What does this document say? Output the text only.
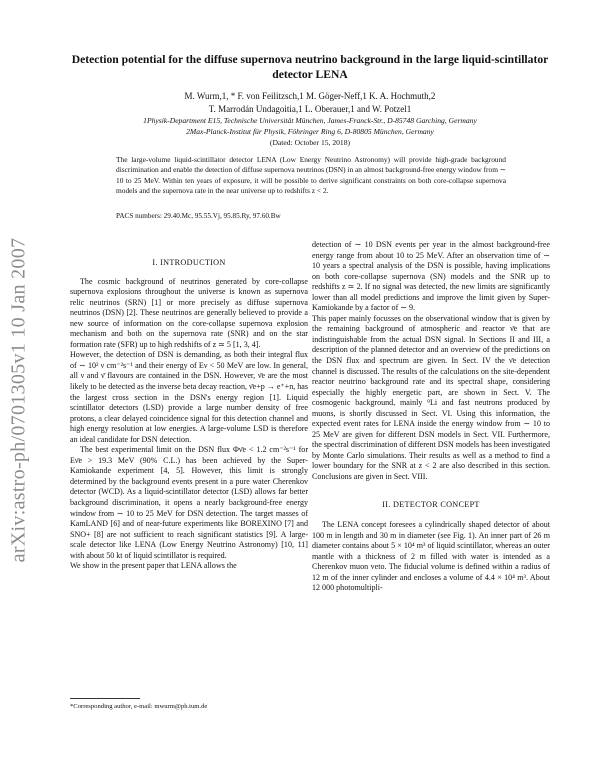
arXiv:astro-ph/0701305v1 10 Jan 2007
Detection potential for the diffuse supernova neutrino background in the large liquid-scintillator detector LENA
M. Wurm,1, * F. von Feilitzsch,1 M. Göger-Neff,1 K. A. Hochmuth,2
T. Marrodán Undagoitia,1 L. Oberauer,1 and W. Potzel1
1Physik-Department E15, Technische Universität München, James-Franck-Str., D-85748 Garching, Germany
2Max-Planck-Institut für Physik, Föhringer Ring 6, D-80805 München, Germany
(Dated: October 15, 2018)
The large-volume liquid-scintillator detector LENA (Low Energy Neutrino Astronomy) will provide high-grade background discrimination and enable the detection of diffuse supernova neutrinos (DSN) in an almost background-free energy window from ∼ 10 to 25 MeV. Within ten years of exposure, it will be possible to derive significant constraints on both core-collapse supernova models and the supernova rate in the near universe up to redshifts z < 2.
PACS numbers: 29.40.Mc, 95.55.Vj, 95.85.Ry, 97.60.Bw
I. INTRODUCTION

The cosmic background of neutrinos generated by core-collapse supernova explosions throughout the universe is known as supernova relic neutrinos (SRN) [1] or more precisely as diffuse supernova neutrinos (DSN) [2]. These neutrinos are generally believed to provide a new source of information on the core-collapse supernova explosion mechanism and both on the supernova rate (SNR) and on the star formation rate (SFR) up to high redshifts of z ≃ 5 [1, 3, 4].

However, the detection of DSN is demanding, as both their integral flux of ∼ 10² ν cm⁻²s⁻¹ and their energy of Eν < 50 MeV are low. In general, all ν and ν̄ flavours are contained in the DSN. However, ν̄e are the most likely to be detected as the inverse beta decay reaction, ν̄e+p → e⁺+n, has the largest cross section in the DSN's energy region [1]. Liquid scintillator detectors (LSD) provide a large number density of free protons, a clear delayed coincidence signal for this detection channel and high energy resolution at low energies. A large-volume LSD is therefore an ideal candidate for DSN detection.

The best experimental limit on the DSN flux Φν̄e < 1.2 cm⁻²s⁻¹ for Eν̄e > 19.3 MeV (90% C.L.) has been achieved by the Super-Kamiokande experiment [4, 5]. However, this limit is strongly determined by the background events present in a pure water Cherenkov detector (WCD). As a liquid-scintillator detector (LSD) allows far better background discrimination, it opens a nearly background-free energy window from ∼ 10 to 25 MeV for DSN detection. The target masses of KamLAND [6] and of near-future experiments like BOREXINO [7] and SNO+ [8] are not sufficient to reach significant statistics [9]. A large-scale detector like LENA (Low Energy Neutrino Astronomy) [10, 11] with about 50 kt of liquid scintillator is required.

We show in the present paper that LENA allows the

detection of ∼ 10 DSN events per year in the almost background-free energy range from about 10 to 25 MeV. After an observation time of ∼ 10 years a spectral analysis of the DSN is possible, having implications on both core-collapse supernova (SN) models and the SNR up to redshifts z ≃ 2. If no signal was detected, the new limits are significantly lower than all model predictions and improve the limit given by Super-Kamiokande by a factor of ∼ 9.

This paper mainly focusses on the observational window that is given by the remaining background of atmospheric and reactor ν̄e that are indistinguishable from the actual DSN signal. In Sections II and III, a description of the planned detector and an overview of the predictions on the DSN flux and spectrum are given. In Sect. IV the ν̄e detection channel is discussed. The results of the calculations on the site-dependent reactor neutrino background rate and its spectral shape, considering especially the highly energetic part, are shown in Sect. V. The cosmogenic background, mainly ⁹Li and fast neutrons produced by muons, is shortly discussed in Sect. VI. Using this information, the expected event rates for LENA inside the energy window from ∼ 10 to 25 MeV are given for different DSN models in Sect. VII. Furthermore, the spectral discrimination of different DSN models has been investigated by Monte Carlo simulations. Their results as well as a method to find a lower boundary for the SNR at z < 2 are also described in this section. Conclusions are given in Sect. VIII.

II. DETECTOR CONCEPT

The LENA concept foresees a cylindrically shaped detector of about 100 m in length and 30 m in diameter (see Fig. 1). An inner part of 26 m diameter contains about 5 × 10⁴ m³ of liquid scintillator, whereas an outer mantle with a thickness of 2 m filled with water is intended as a Cherenkov muon veto. The fiducial volume is defined within a radius of 12 m of the inner cylinder and encloses a volume of 4.4 × 10⁴ m³. About 12 000 photomultipli-

*Corresponding author, e-mail: mwurm@ph.tum.de
